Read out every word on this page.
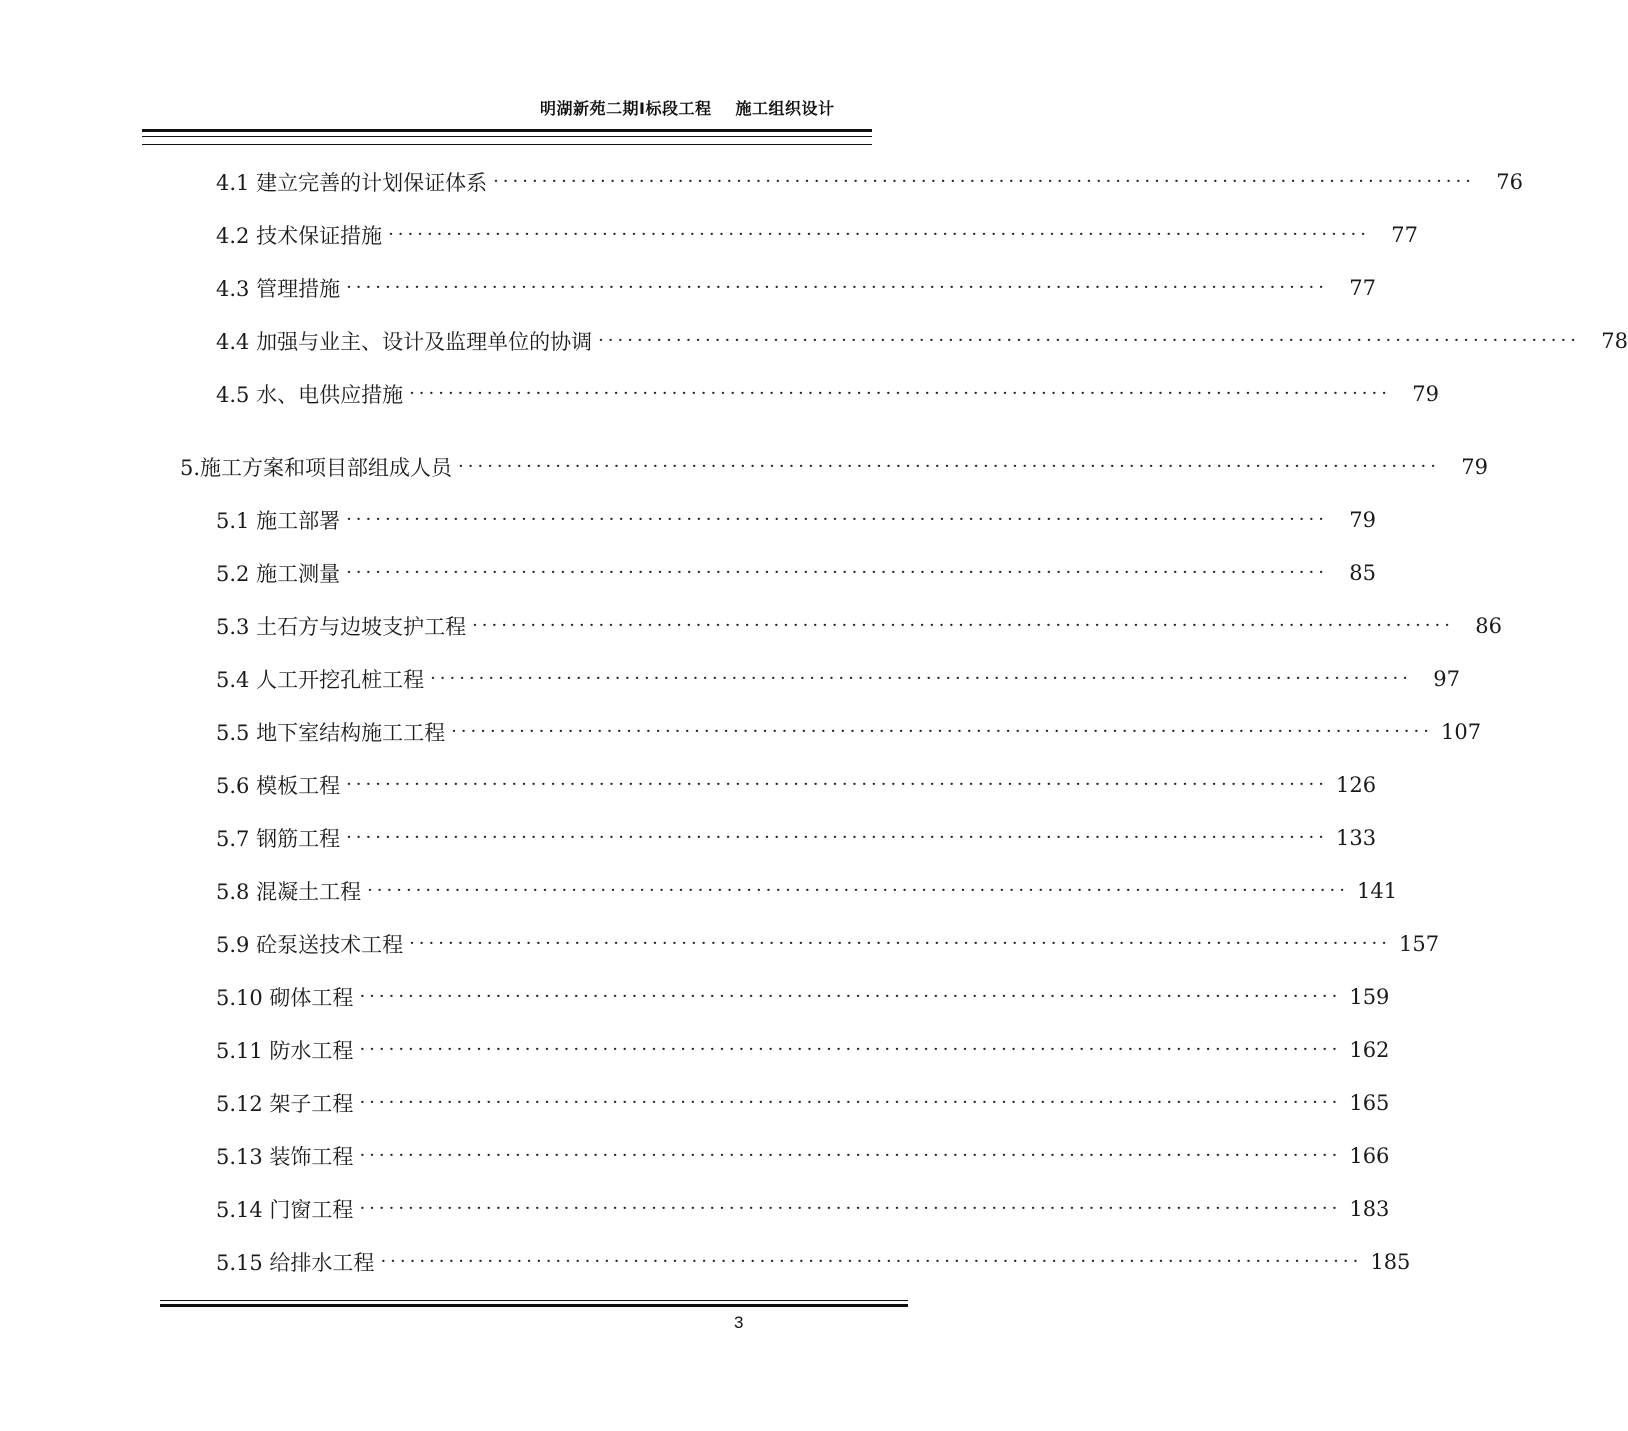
明湖新苑二期Ⅰ标段工程 施工组织设计
4.1 建立完善的计划保证体系 ·····································································································	76
4.2 技术保证措施 ·····································································································	77
4.3 管理措施 ·····································································································	77
4.4 加强与业主、设计及监理单位的协调 ·····································································································	78
4.5 水、电供应措施 ·····································································································	79
5.施工方案和项目部组成人员 ·····································································································	79
5.1 施工部署 ·····································································································	79
5.2 施工测量 ·····································································································	85
5.3 土石方与边坡支护工程 ·····································································································	86
5.4 人工开挖孔桩工程 ·····································································································	97
5.5 地下室结构施工工程 ····································································································· 107
5.6 模板工程 ····································································································· 126
5.7 钢筋工程 ····································································································· 133
5.8 混凝土工程 ····································································································· 141
5.9 砼泵送技术工程 ····································································································· 157
5.10 砌体工程 ····································································································· 159
5.11 防水工程 ····································································································· 162
5.12 架子工程 ····································································································· 165
5.13 装饰工程 ····································································································· 166
5.14 门窗工程 ····································································································· 183
5.15 给排水工程 ····································································································· 185
3
